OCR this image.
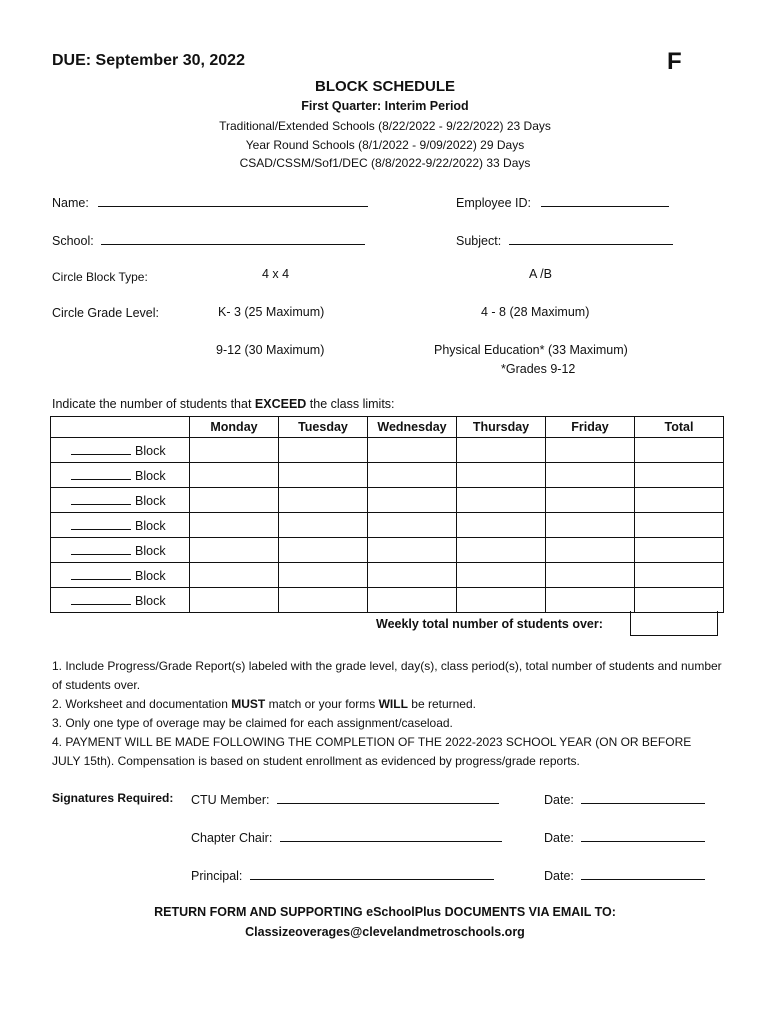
DUE: September 30, 2022	F
BLOCK SCHEDULE
First Quarter: Interim Period
Traditional/Extended Schools (8/22/2022 - 9/22/2022) 23 Days
Year Round Schools (8/1/2022 - 9/09/2022) 29 Days
CSAD/CSSM/Sof1/DEC (8/8/2022-9/22/2022) 33 Days
Name:	Employee ID:
School:	Subject:
Circle Block Type:	4 x 4	A /B
Circle Grade Level:	K- 3 (25 Maximum)	4 - 8 (28 Maximum)
9-12 (30 Maximum)	Physical Education* (33 Maximum)
*Grades 9-12
Indicate the number of students that EXCEED the class limits:
	Monday	Tuesday	Wednesday	Thursday	Friday	Total
Block						
Block						
Block						
Block						
Block						
Block						
Block						
Weekly total number of students over:
1. Include Progress/Grade Report(s) labeled with the grade level, day(s), class period(s), total number of students and number of students over.
2. Worksheet and documentation MUST match or your forms WILL be returned.
3. Only one type of overage may be claimed for each assignment/caseload.
4. PAYMENT WILL BE MADE FOLLOWING THE COMPLETION OF THE 2022-2023 SCHOOL YEAR (ON OR BEFORE JULY 15th). Compensation is based on student enrollment as evidenced by progress/grade reports.
Signatures Required: CTU Member:	Date:
Chapter Chair:	Date:
Principal:	Date:
RETURN FORM AND SUPPORTING eSchoolPlus DOCUMENTS VIA EMAIL TO:
Classizeoverages@clevelandmetroschools.org
